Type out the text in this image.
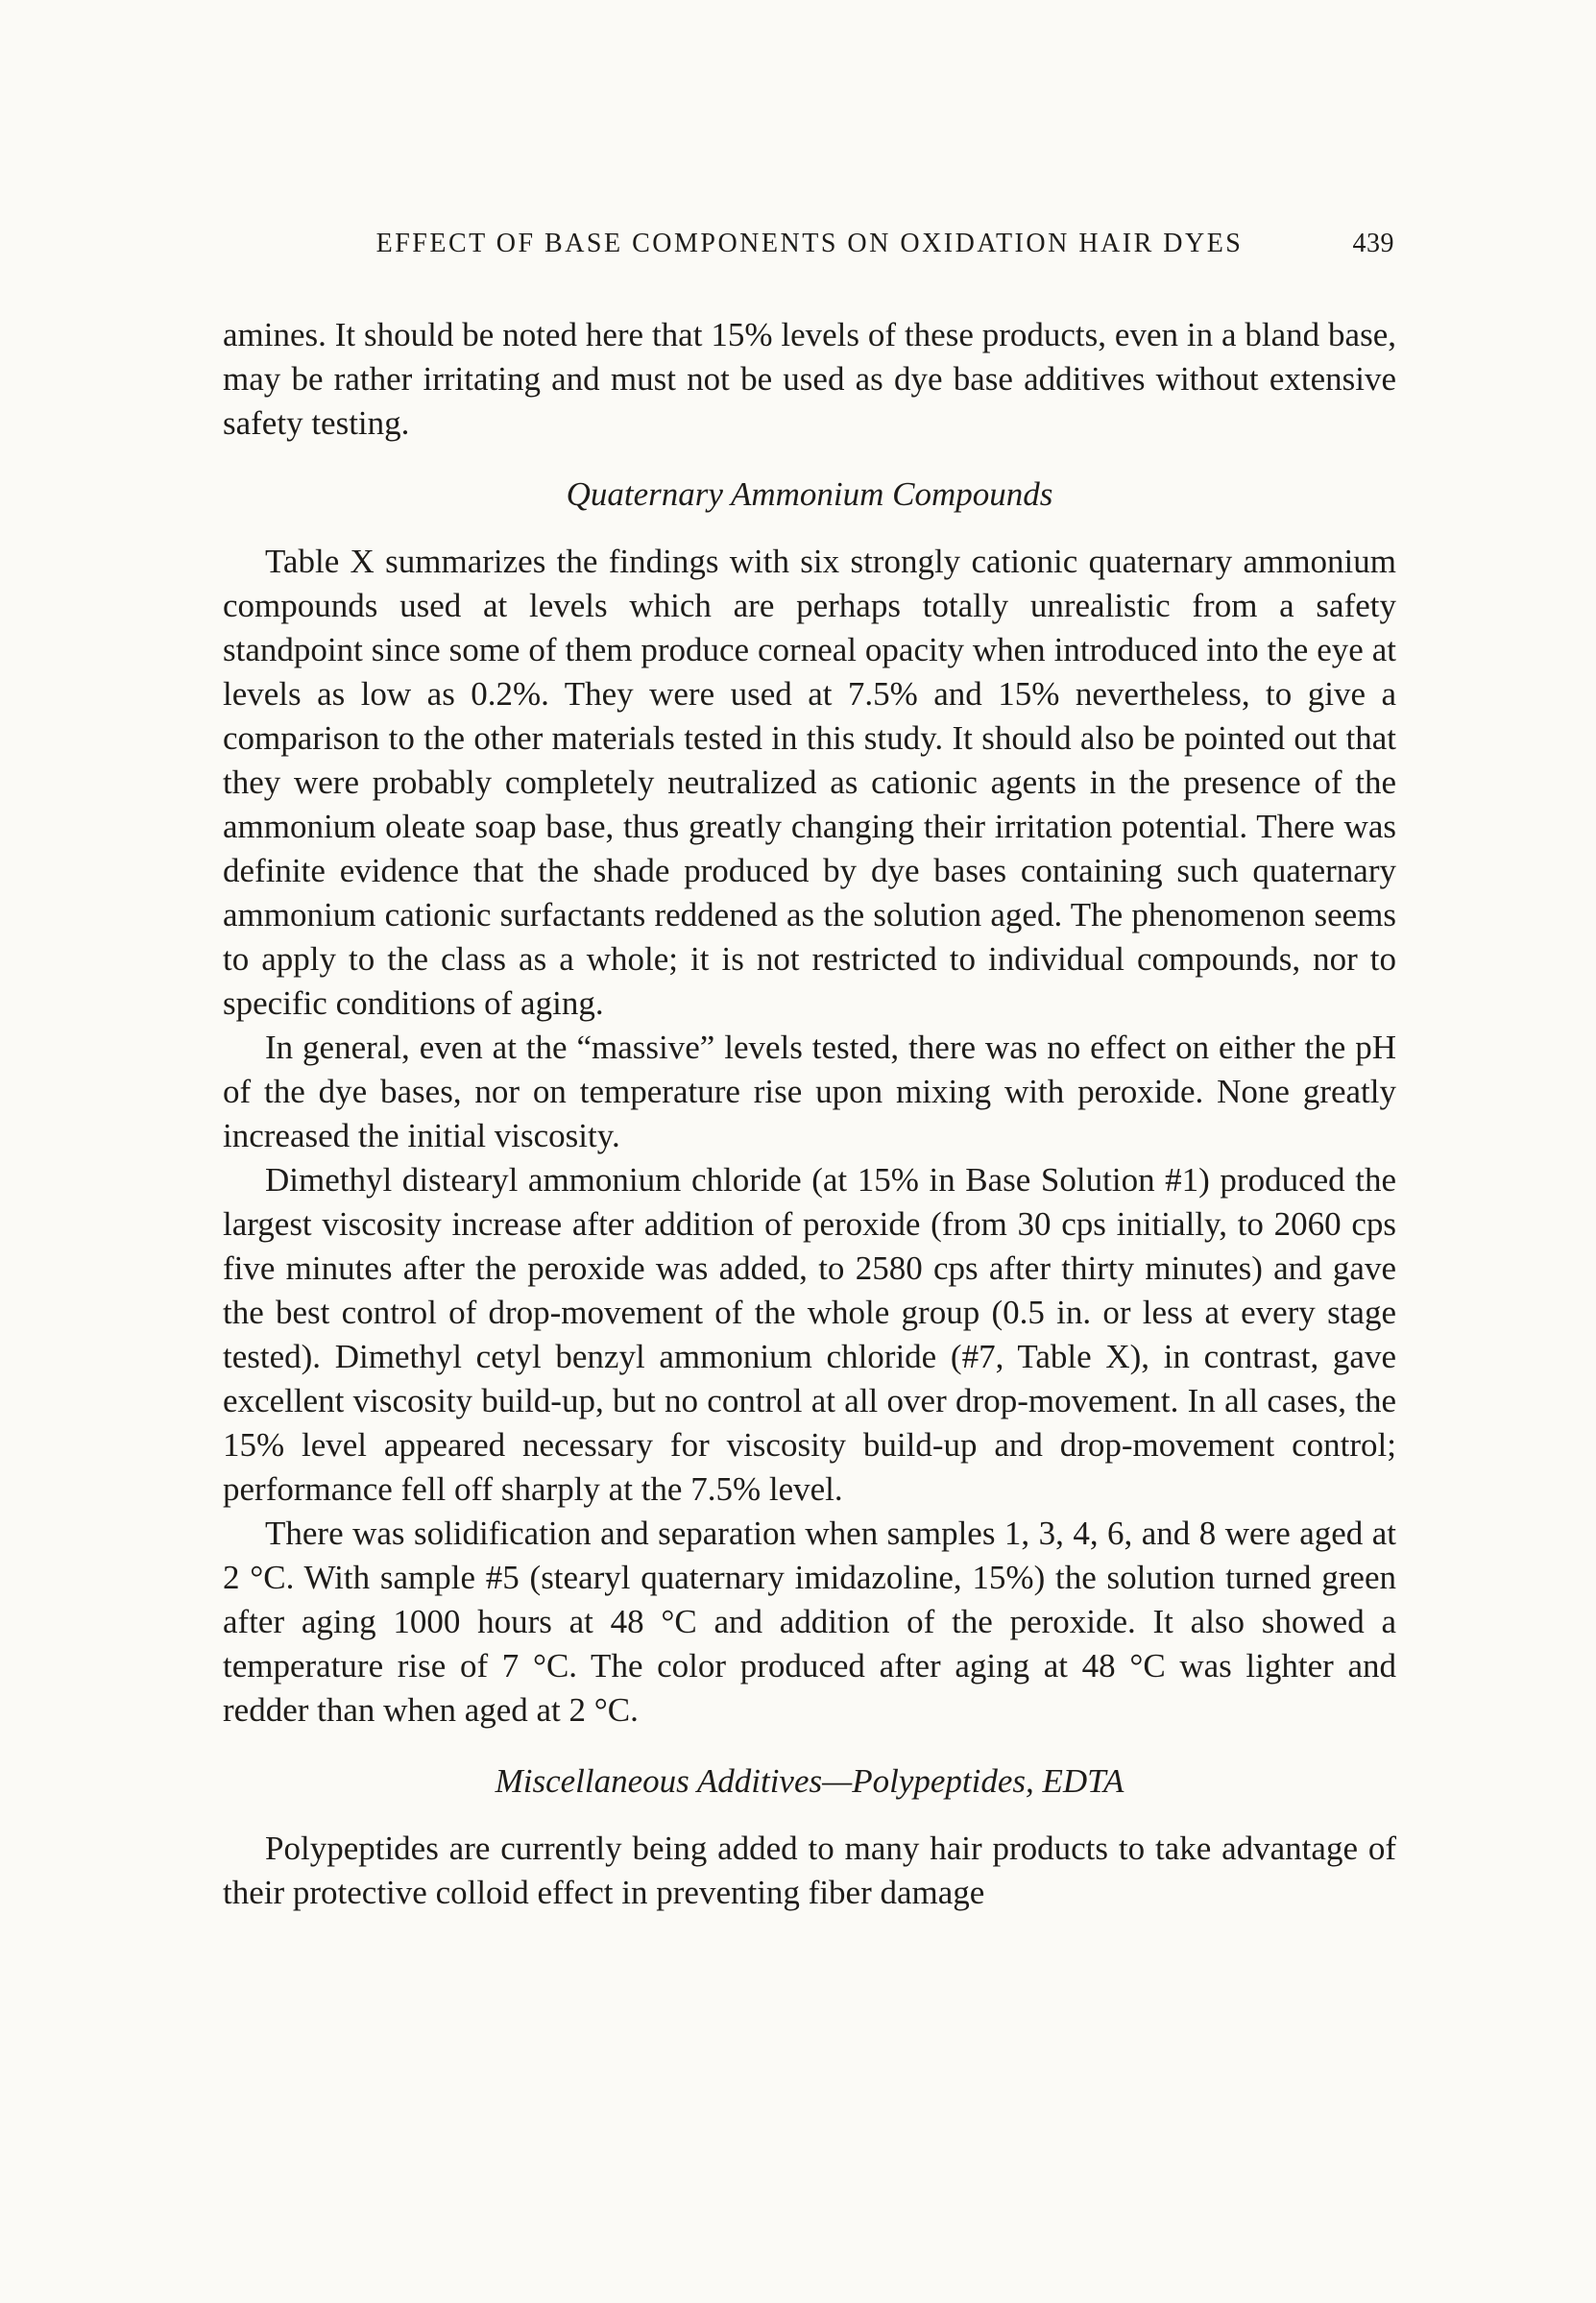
EFFECT OF BASE COMPONENTS ON OXIDATION HAIR DYES	439

amines. It should be noted here that 15% levels of these products, even in a bland base, may be rather irritating and must not be used as dye base additives without extensive safety testing.

Quaternary Ammonium Compounds

Table X summarizes the findings with six strongly cationic quaternary ammonium compounds used at levels which are perhaps totally unrealistic from a safety standpoint since some of them produce corneal opacity when introduced into the eye at levels as low as 0.2%. They were used at 7.5% and 15% nevertheless, to give a comparison to the other materials tested in this study. It should also be pointed out that they were probably completely neutralized as cationic agents in the presence of the ammonium oleate soap base, thus greatly changing their irritation potential. There was definite evidence that the shade produced by dye bases containing such quaternary ammonium cationic surfactants reddened as the solution aged. The phenomenon seems to apply to the class as a whole; it is not restricted to individual compounds, nor to specific conditions of aging.

In general, even at the “massive” levels tested, there was no effect on either the pH of the dye bases, nor on temperature rise upon mixing with peroxide. None greatly increased the initial viscosity.

Dimethyl distearyl ammonium chloride (at 15% in Base Solution #1) produced the largest viscosity increase after addition of peroxide (from 30 cps initially, to 2060 cps five minutes after the peroxide was added, to 2580 cps after thirty minutes) and gave the best control of drop-movement of the whole group (0.5 in. or less at every stage tested). Dimethyl cetyl benzyl ammonium chloride (#7, Table X), in contrast, gave excellent viscosity build-up, but no control at all over drop-movement. In all cases, the 15% level appeared necessary for viscosity build-up and drop-movement control; performance fell off sharply at the 7.5% level.

There was solidification and separation when samples 1, 3, 4, 6, and 8 were aged at 2 °C. With sample #5 (stearyl quaternary imidazoline, 15%) the solution turned green after aging 1000 hours at 48 °C and addition of the peroxide. It also showed a temperature rise of 7 °C. The color produced after aging at 48 °C was lighter and redder than when aged at 2 °C.

Miscellaneous Additives—Polypeptides, EDTA

Polypeptides are currently being added to many hair products to take advantage of their protective colloid effect in preventing fiber damage
